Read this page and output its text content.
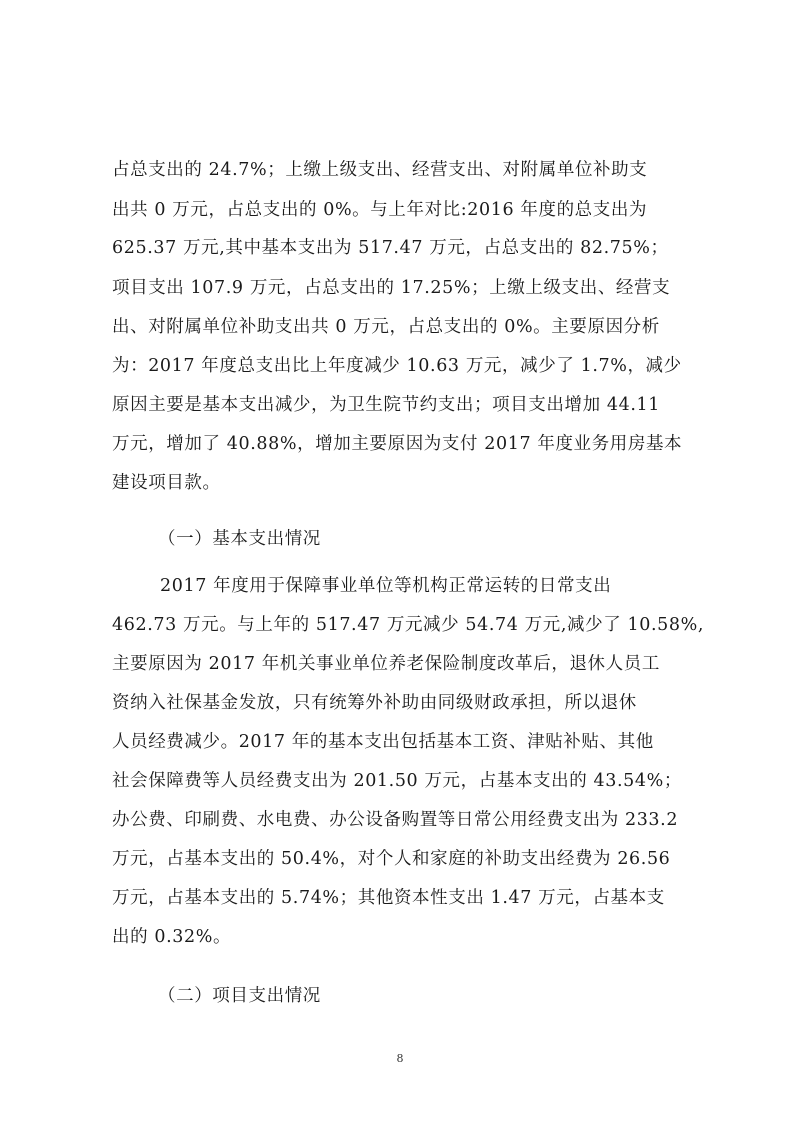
占总支出的 24.7%；上缴上级支出、经营支出、对附属单位补助支
出共 0 万元，占总支出的 0%。与上年对比:2016 年度的总支出为
625.37 万元,其中基本支出为 517.47 万元，占总支出的 82.75%；
项目支出 107.9 万元，占总支出的 17.25%；上缴上级支出、经营支
出、对附属单位补助支出共 0 万元，占总支出的 0%。主要原因分析
为：2017 年度总支出比上年度减少 10.63 万元，减少了 1.7%，减少
原因主要是基本支出减少，为卫生院节约支出；项目支出增加 44.11
万元，增加了 40.88%，增加主要原因为支付 2017 年度业务用房基本
建设项目款。
（一）基本支出情况
2017 年度用于保障事业单位等机构正常运转的日常支出
462.73 万元。与上年的 517.47 万元减少 54.74 万元,减少了 10.58%,
主要原因为 2017 年机关事业单位养老保险制度改革后，退休人员工
资纳入社保基金发放，只有统筹外补助由同级财政承担，所以退休
人员经费减少。2017 年的基本支出包括基本工资、津贴补贴、其他
社会保障费等人员经费支出为 201.50 万元，占基本支出的 43.54%；
办公费、印刷费、水电费、办公设备购置等日常公用经费支出为 233.2
万元，占基本支出的 50.4%，对个人和家庭的补助支出经费为 26.56
万元，占基本支出的 5.74%；其他资本性支出 1.47 万元，占基本支
出的 0.32%。
（二）项目支出情况
8
